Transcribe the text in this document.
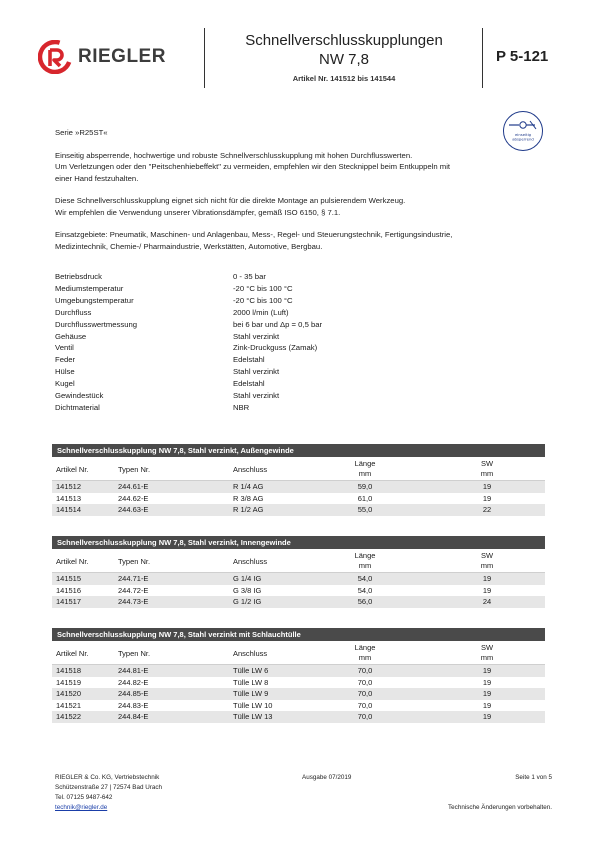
RIEGLER
Schnellverschlusskupplungen
NW 7,8
Artikel Nr. 141512 bis 141544
P 5-121
einseitig
absperrend
Serie »R25ST«
Einseitig absperrende, hochwertige und robuste Schnellverschlusskupplung mit hohen Durchflusswerten.
Um Verletzungen oder den "Peitschenhiebeffekt" zu vermeiden, empfehlen wir den Stecknippel beim Entkuppeln mit
einer Hand festzuhalten.
Diese Schnellverschlusskupplung eignet sich nicht für die direkte Montage an pulsierendem Werkzeug.
Wir empfehlen die Verwendung unserer Vibrationsdämpfer, gemäß ISO 6150, § 7.1.
Einsatzgebiete: Pneumatik, Maschinen- und Anlagenbau, Mess-, Regel- und Steuerungstechnik, Fertigungsindustrie,
Medizintechnik, Chemie-/ Pharmaindustrie, Werkstätten, Automotive, Bergbau.
Betriebsdruck	0 - 35 bar
Mediumstemperatur	-20 °C bis 100 °C
Umgebungstemperatur	-20 °C bis 100 °C
Durchfluss	2000 l/min (Luft)
Durchflusswertmessung	bei 6 bar und Δp = 0,5 bar
Gehäuse	Stahl verzinkt
Ventil	Zink-Druckguss (Zamak)
Feder	Edelstahl
Hülse	Stahl verzinkt
Kugel	Edelstahl
Gewindestück	Stahl verzinkt
Dichtmaterial	NBR
Schnellverschlusskupplung NW 7,8, Stahl verzinkt, Außengewinde
Artikel Nr.	Typen Nr.	Anschluss
Länge
mm
SW
mm
141512	244.61-E	R 1/4 AG	59,0	19
141513	244.62-E	R 3/8 AG	61,0	19
141514	244.63-E	R 1/2 AG	55,0	22
Schnellverschlusskupplung NW 7,8, Stahl verzinkt, Innengewinde
Artikel Nr.	Typen Nr.	Anschluss
Länge
mm
SW
mm
141515	244.71-E	G 1/4 IG	54,0	19
141516	244.72-E	G 3/8 IG	54,0	19
141517	244.73-E	G 1/2 IG	56,0	24
Schnellverschlusskupplung NW 7,8, Stahl verzinkt mit Schlauchtülle
Artikel Nr.	Typen Nr.	Anschluss
Länge
mm
SW
mm
141518	244.81-E	Tülle LW 6	70,0	19
141519	244.82-E	Tülle LW 8	70,0	19
141520	244.85-E	Tülle LW 9	70,0	19
141521	244.83-E	Tülle LW 10	70,0	19
141522	244.84-E	Tülle LW 13	70,0	19
RIEGLER & Co. KG, Vertriebstechnik
Schützenstraße 27 | 72574 Bad Urach
Tel. 07125 9487-642
technik@riegler.de
Ausgabe 07/2019	Seite 1 von 5
Technische Änderungen vorbehalten.
